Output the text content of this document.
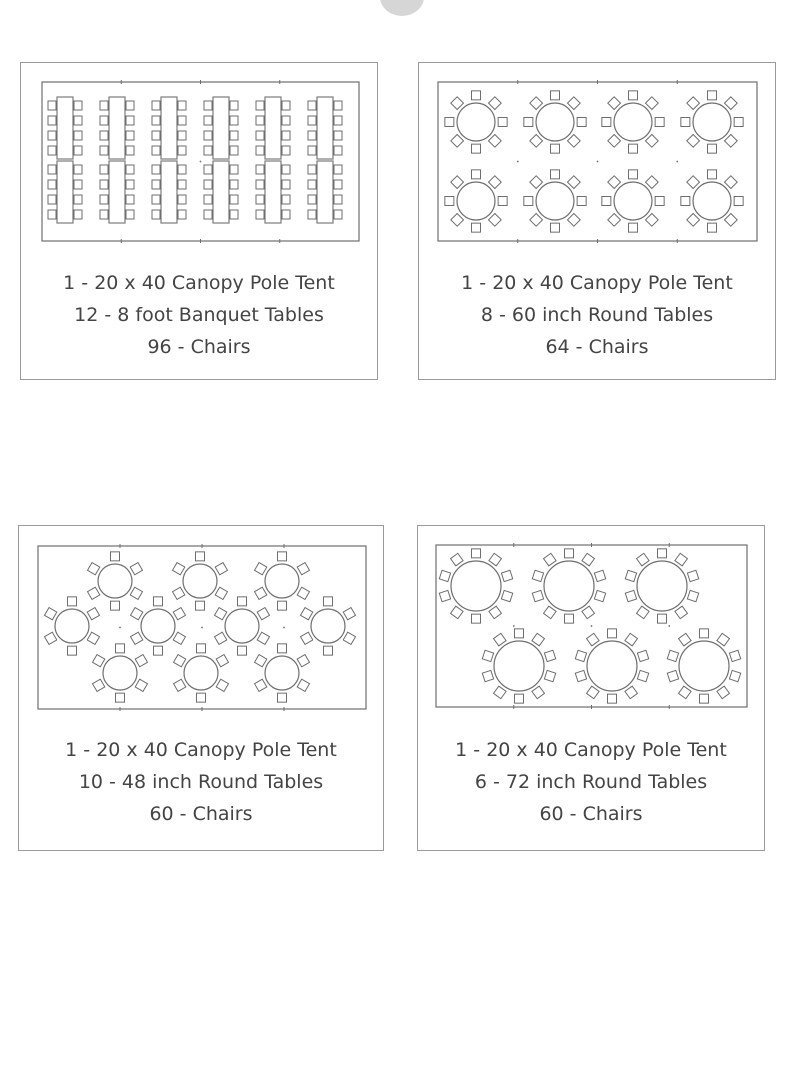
1 - 20 x 40 Canopy Pole Tent
12 - 8 foot Banquet Tables
96 - Chairs
1 - 20 x 40 Canopy Pole Tent
8 - 60 inch Round Tables
64 - Chairs
1 - 20 x 40 Canopy Pole Tent
10 - 48 inch Round Tables
60 - Chairs
1 - 20 x 40 Canopy Pole Tent
6 - 72 inch Round Tables
60 - Chairs
